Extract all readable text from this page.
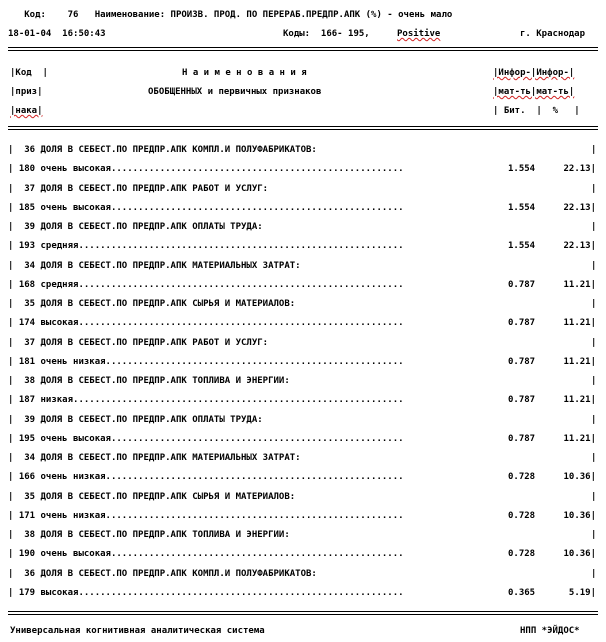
Код:    76   Наименование: ПРОИЗВ. ПРОД. ПО ПЕРЕРАБ.ПРЕДПР.АПК (%) - очень мало
18-01-04  16:50:43	Коды:  166- 195,	Positive	г. Краснодар
|Код  |
|приз|
|нака|
Н а и м е н о в а н и я
ОБОБЩЕННЫХ и первичных признаков
|Инфор-|Инфор-|
|мат-ть|мат-ть|
| Бит.  |  %   |
|  36 ДОЛЯ В СЕБЕСТ.ПО ПРЕДПР.АПК КОМПЛ.И ПОЛУФАБРИКАТОВ:	|
| 180 очень высокая......................................................	1.554	22.13|
|  37 ДОЛЯ В СЕБЕСТ.ПО ПРЕДПР.АПК РАБОТ И УСЛУГ:	|
| 185 очень высокая......................................................	1.554	22.13|
|  39 ДОЛЯ В СЕБЕСТ.ПО ПРЕДПР.АПК ОПЛАТЫ ТРУДА:	|
| 193 средняя............................................................	1.554	22.13|
|  34 ДОЛЯ В СЕБЕСТ.ПО ПРЕДПР.АПК МАТЕРИАЛЬНЫХ ЗАТРАТ:	|
| 168 средняя............................................................	0.787	11.21|
|  35 ДОЛЯ В СЕБЕСТ.ПО ПРЕДПР.АПК СЫРЬЯ И МАТЕРИАЛОВ:	|
| 174 высокая............................................................	0.787	11.21|
|  37 ДОЛЯ В СЕБЕСТ.ПО ПРЕДПР.АПК РАБОТ И УСЛУГ:	|
| 181 очень низкая.......................................................	0.787	11.21|
|  38 ДОЛЯ В СЕБЕСТ.ПО ПРЕДПР.АПК ТОПЛИВА И ЭНЕРГИИ:	|
| 187 низкая.............................................................	0.787	11.21|
|  39 ДОЛЯ В СЕБЕСТ.ПО ПРЕДПР.АПК ОПЛАТЫ ТРУДА:	|
| 195 очень высокая......................................................	0.787	11.21|
|  34 ДОЛЯ В СЕБЕСТ.ПО ПРЕДПР.АПК МАТЕРИАЛЬНЫХ ЗАТРАТ:	|
| 166 очень низкая.......................................................	0.728	10.36|
|  35 ДОЛЯ В СЕБЕСТ.ПО ПРЕДПР.АПК СЫРЬЯ И МАТЕРИАЛОВ:	|
| 171 очень низкая.......................................................	0.728	10.36|
|  38 ДОЛЯ В СЕБЕСТ.ПО ПРЕДПР.АПК ТОПЛИВА И ЭНЕРГИИ:	|
| 190 очень высокая......................................................	0.728	10.36|
|  36 ДОЛЯ В СЕБЕСТ.ПО ПРЕДПР.АПК КОМПЛ.И ПОЛУФАБРИКАТОВ:	|
| 179 высокая............................................................	0.365	5.19|
Универсальная когнитивная аналитическая система	НПП *ЭЙДОС*
